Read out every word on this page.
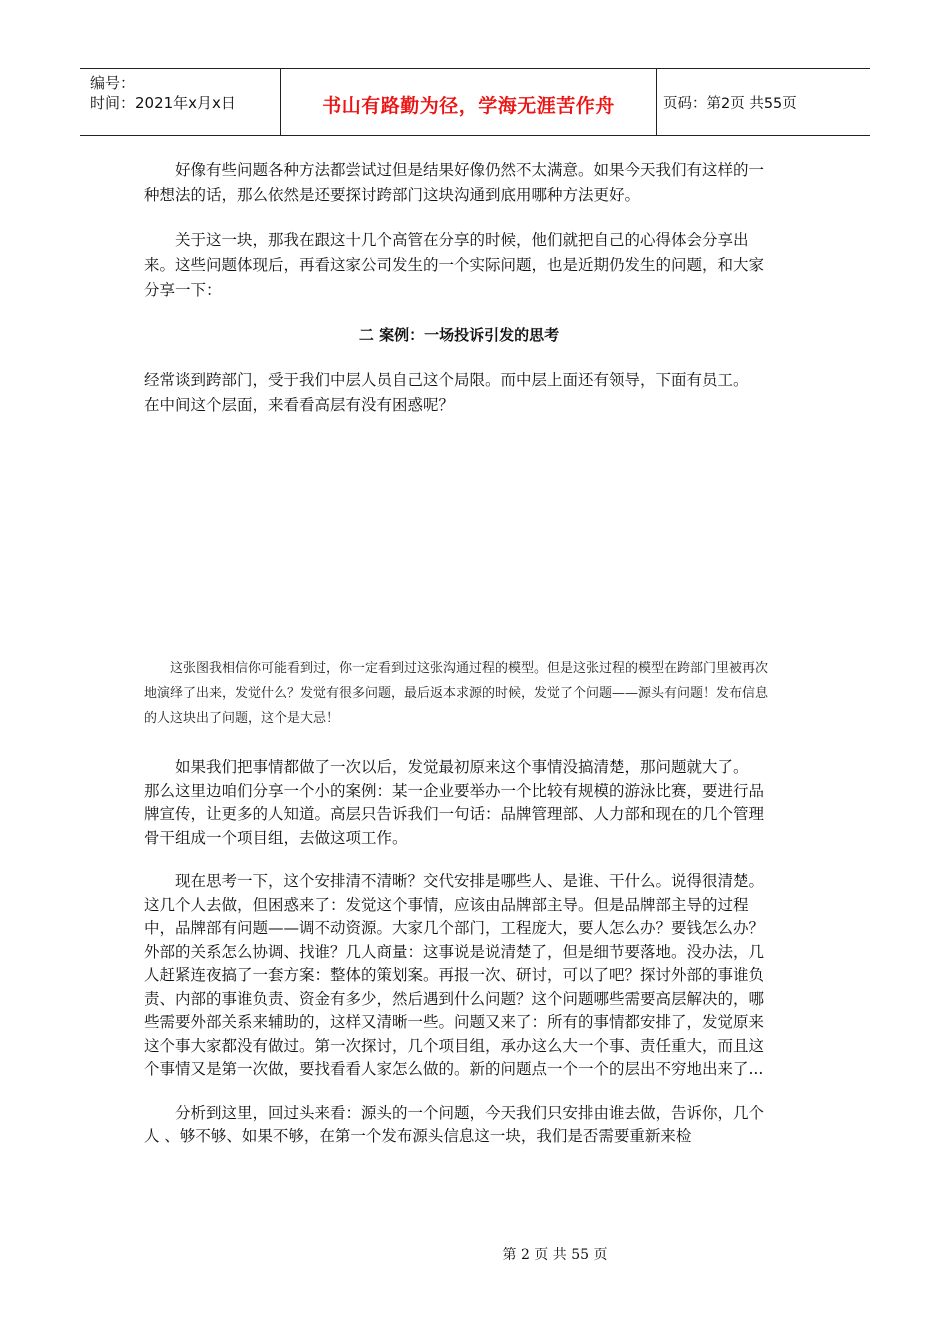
编号：
时间：2021年x月x日	书山有路勤为径，学海无涯苦作舟	页码：第2页 共55页

好像有些问题各种方法都尝试过但是结果好像仍然不太满意。如果今天我们有这样的一种想法的话，那么依然是还要探讨跨部门这块沟通到底用哪种方法更好。

关于这一块，那我在跟这十几个高管在分享的时候，他们就把自己的心得体会分享出来。这些问题体现后，再看这家公司发生的一个实际问题，也是近期仍发生的问题，和大家分享一下：

二 案例：一场投诉引发的思考

经常谈到跨部门，受于我们中层人员自己这个局限。而中层上面还有领导，下面有员工。

在中间这个层面，来看看高层有没有困惑呢？

这张图我相信你可能看到过，你一定看到过这张沟通过程的模型。但是这张过程的模型在跨部门里被再次地演绎了出来，发觉什么？发觉有很多问题，最后返本求源的时候，发觉了个问题——源头有问题！发布信息的人这块出了问题，这个是大忌！

如果我们把事情都做了一次以后，发觉最初原来这个事情没搞清楚，那问题就大了。

那么这里边咱们分享一个小的案例：某一企业要举办一个比较有规模的游泳比赛，要进行品牌宣传，让更多的人知道。高层只告诉我们一句话：品牌管理部、人力部和现在的几个管理骨干组成一个项目组，去做这项工作。

现在思考一下，这个安排清不清晰？交代安排是哪些人、是谁、干什么。说得很清楚。这几个人去做，但困惑来了：发觉这个事情，应该由品牌部主导。但是品牌部主导的过程中，品牌部有问题——调不动资源。大家几个部门，工程庞大，要人怎么办？要钱怎么办？外部的关系怎么协调、找谁？几人商量：这事说是说清楚了，但是细节要落地。没办法，几人赶紧连夜搞了一套方案：整体的策划案。再报一次、研讨，可以了吧？探讨外部的事谁负责、内部的事谁负责、资金有多少，然后遇到什么问题？这个问题哪些需要高层解决的，哪些需要外部关系来辅助的，这样又清晰一些。问题又来了：所有的事情都安排了，发觉原来这个事大家都没有做过。第一次探讨，几个项目组，承办这么大一个事、责任重大，而且这个事情又是第一次做，要找看看人家怎么做的。新的问题点一个一个的层出不穷地出来了...

分析到这里，回过头来看：源头的一个问题，今天我们只安排由谁去做，告诉你，几个人 、够不够、如果不够，在第一个发布源头信息这一块，我们是否需要重新来检

第 2 页 共 55 页
